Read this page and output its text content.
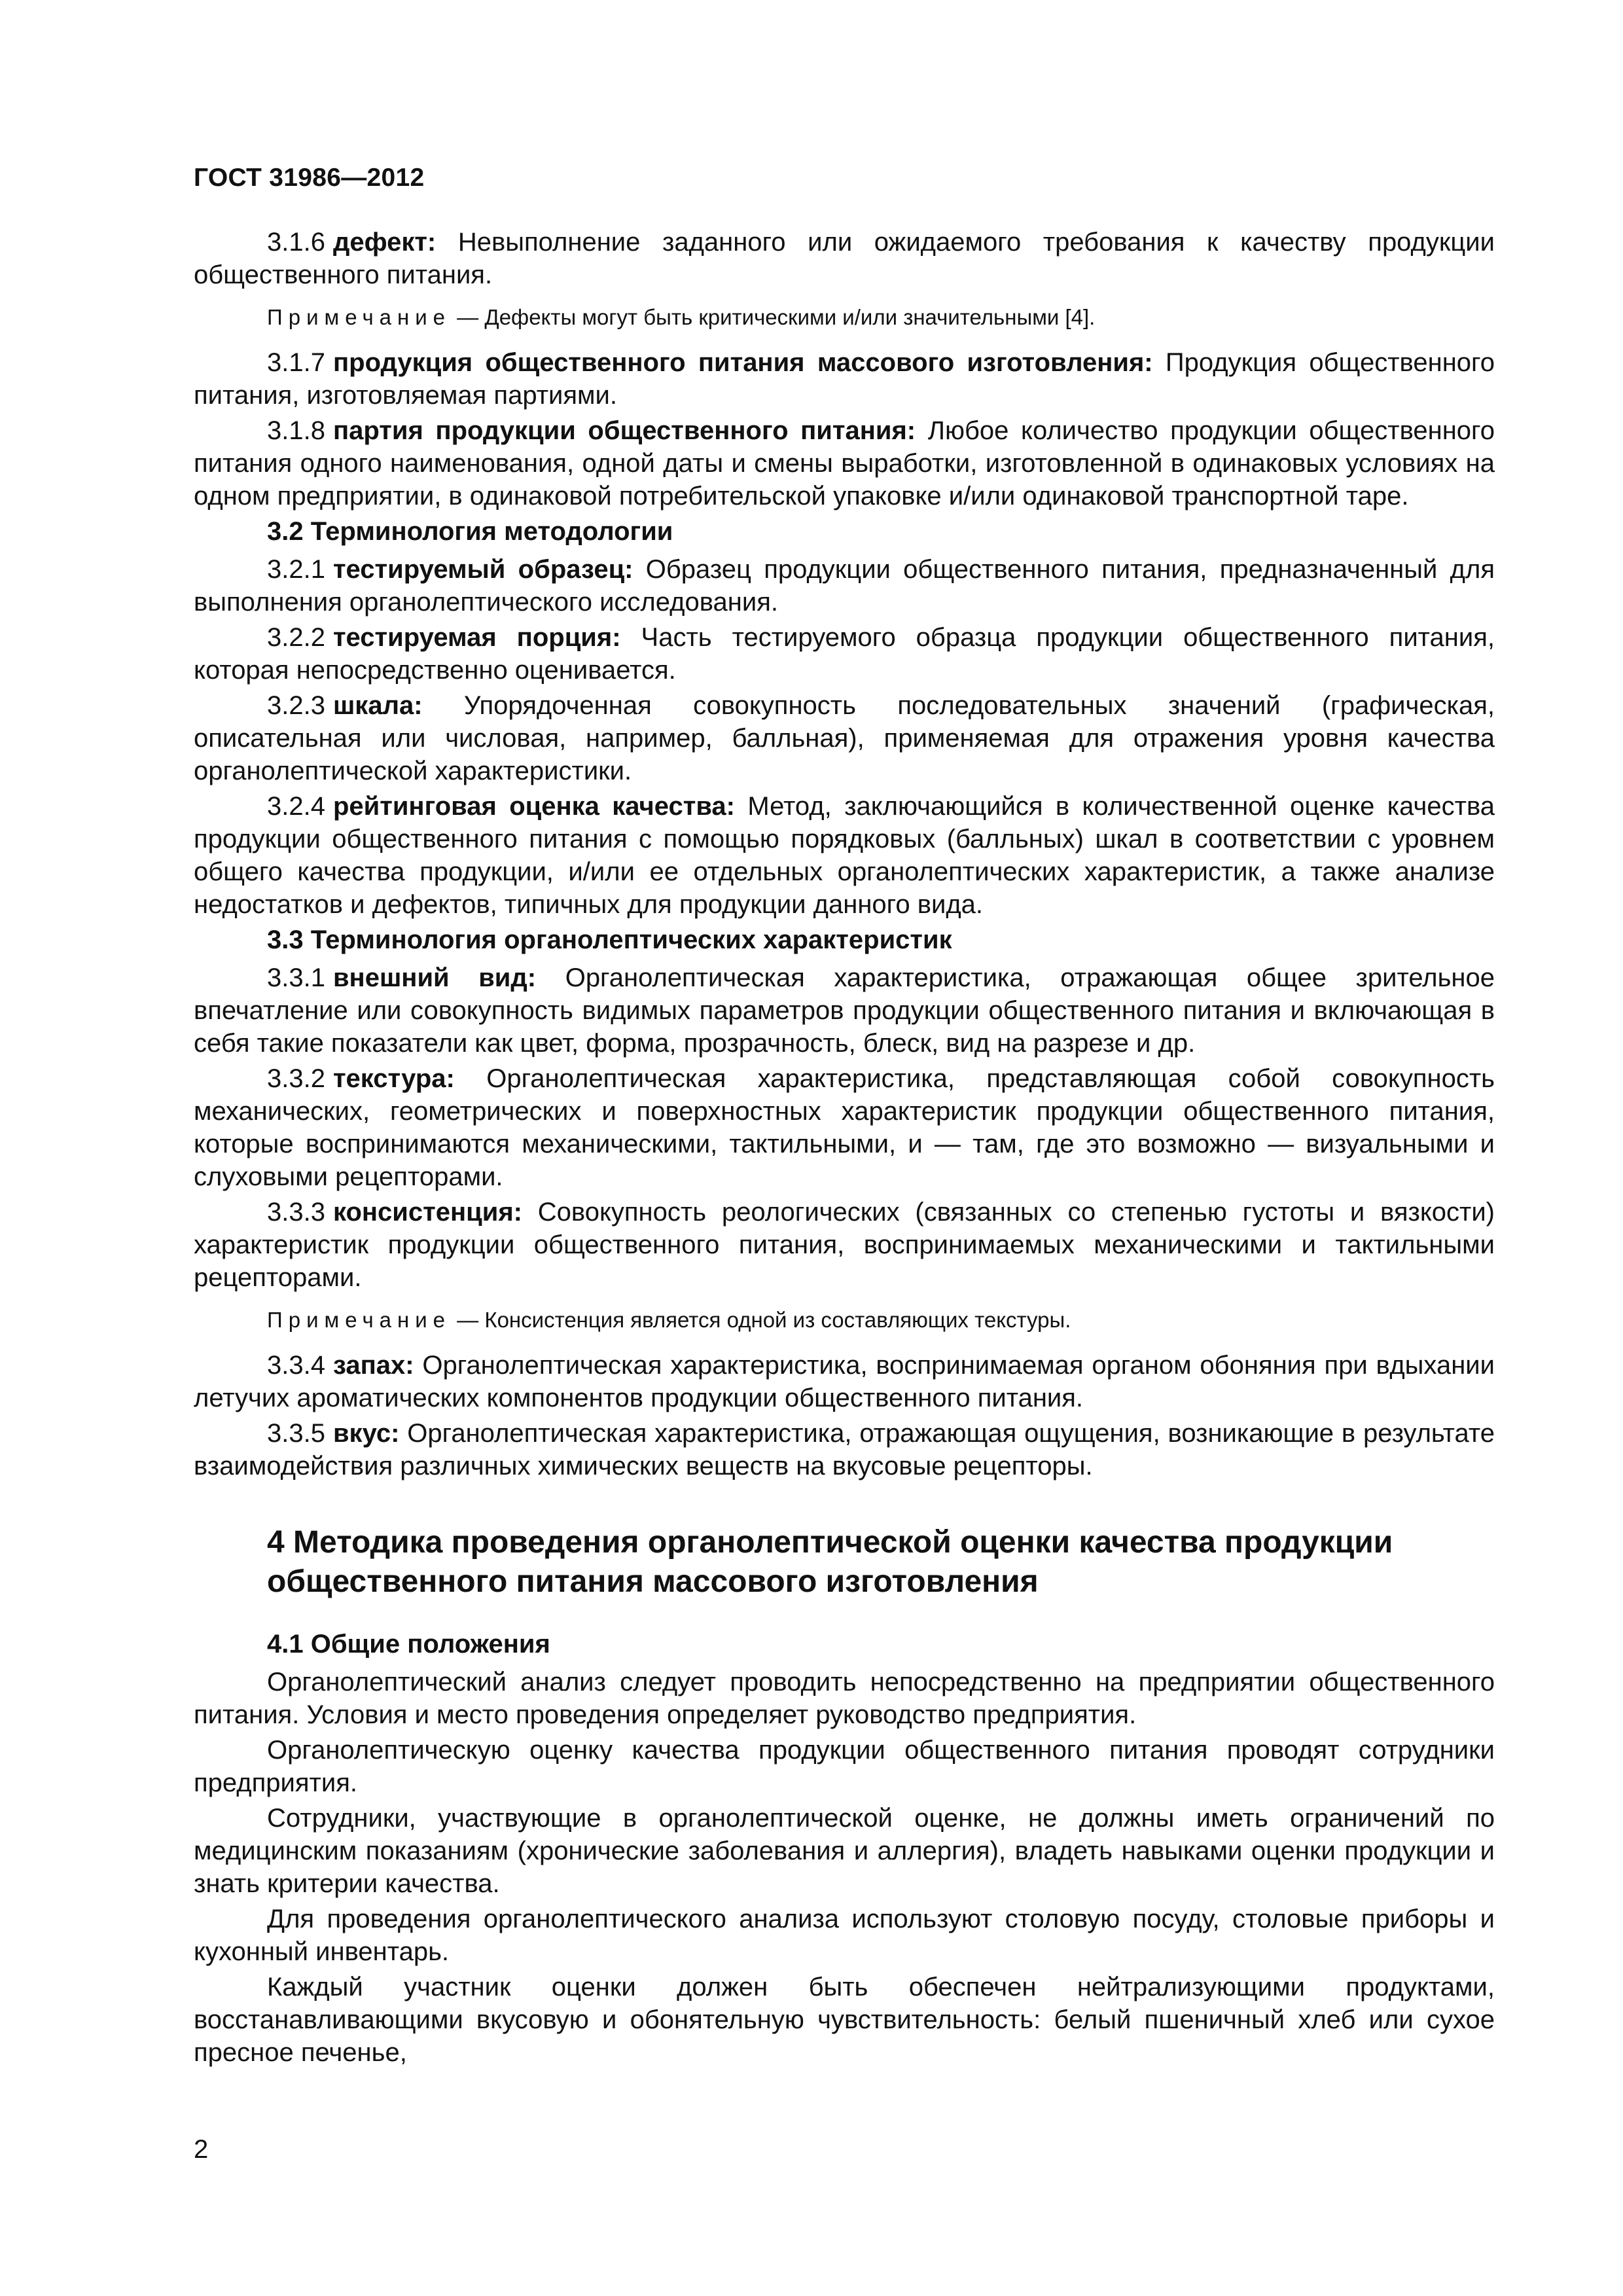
ГОСТ 31986—2012

3.1.6 дефект: Невыполнение заданного или ожидаемого требования к качеству продукции общественного питания.

Примечание — Дефекты могут быть критическими и/или значительными [4].

3.1.7 продукция общественного питания массового изготовления: Продукция общественного питания, изготовляемая партиями.

3.1.8 партия продукции общественного питания: Любое количество продукции общественного питания одного наименования, одной даты и смены выработки, изготовленной в одинаковых условиях на одном предприятии, в одинаковой потребительской упаковке и/или одинаковой транспортной таре.

3.2 Терминология методологии

3.2.1 тестируемый образец: Образец продукции общественного питания, предназначенный для выполнения органолептического исследования.

3.2.2 тестируемая порция: Часть тестируемого образца продукции общественного питания, которая непосредственно оценивается.

3.2.3 шкала: Упорядоченная совокупность последовательных значений (графическая, описательная или числовая, например, балльная), применяемая для отражения уровня качества органолептической характеристики.

3.2.4 рейтинговая оценка качества: Метод, заключающийся в количественной оценке качества продукции общественного питания с помощью порядковых (балльных) шкал в соответствии с уровнем общего качества продукции, и/или ее отдельных органолептических характеристик, а также анализе недостатков и дефектов, типичных для продукции данного вида.

3.3 Терминология органолептических характеристик

3.3.1 внешний вид: Органолептическая характеристика, отражающая общее зрительное впечатление или совокупность видимых параметров продукции общественного питания и включающая в себя такие показатели как цвет, форма, прозрачность, блеск, вид на разрезе и др.

3.3.2 текстура: Органолептическая характеристика, представляющая собой совокупность механических, геометрических и поверхностных характеристик продукции общественного питания, которые воспринимаются механическими, тактильными, и — там, где это возможно — визуальными и слуховыми рецепторами.

3.3.3 консистенция: Совокупность реологических (связанных со степенью густоты и вязкости) характеристик продукции общественного питания, воспринимаемых механическими и тактильными рецепторами.

Примечание — Консистенция является одной из составляющих текстуры.

3.3.4 запах: Органолептическая характеристика, воспринимаемая органом обоняния при вдыхании летучих ароматических компонентов продукции общественного питания.

3.3.5 вкус: Органолептическая характеристика, отражающая ощущения, возникающие в результате взаимодействия различных химических веществ на вкусовые рецепторы.

4 Методика проведения органолептической оценки качества продукции общественного питания массового изготовления
4.1 Общие положения

Органолептический анализ следует проводить непосредственно на предприятии общественного питания. Условия и место проведения определяет руководство предприятия.

Органолептическую оценку качества продукции общественного питания проводят сотрудники предприятия.

Сотрудники, участвующие в органолептической оценке, не должны иметь ограничений по медицинским показаниям (хронические заболевания и аллергия), владеть навыками оценки продукции и знать критерии качества.

Для проведения органолептического анализа используют столовую посуду, столовые приборы и кухонный инвентарь.

Каждый участник оценки должен быть обеспечен нейтрализующими продуктами, восстанавливающими вкусовую и обонятельную чувствительность: белый пшеничный хлеб или сухое пресное печенье,

2
